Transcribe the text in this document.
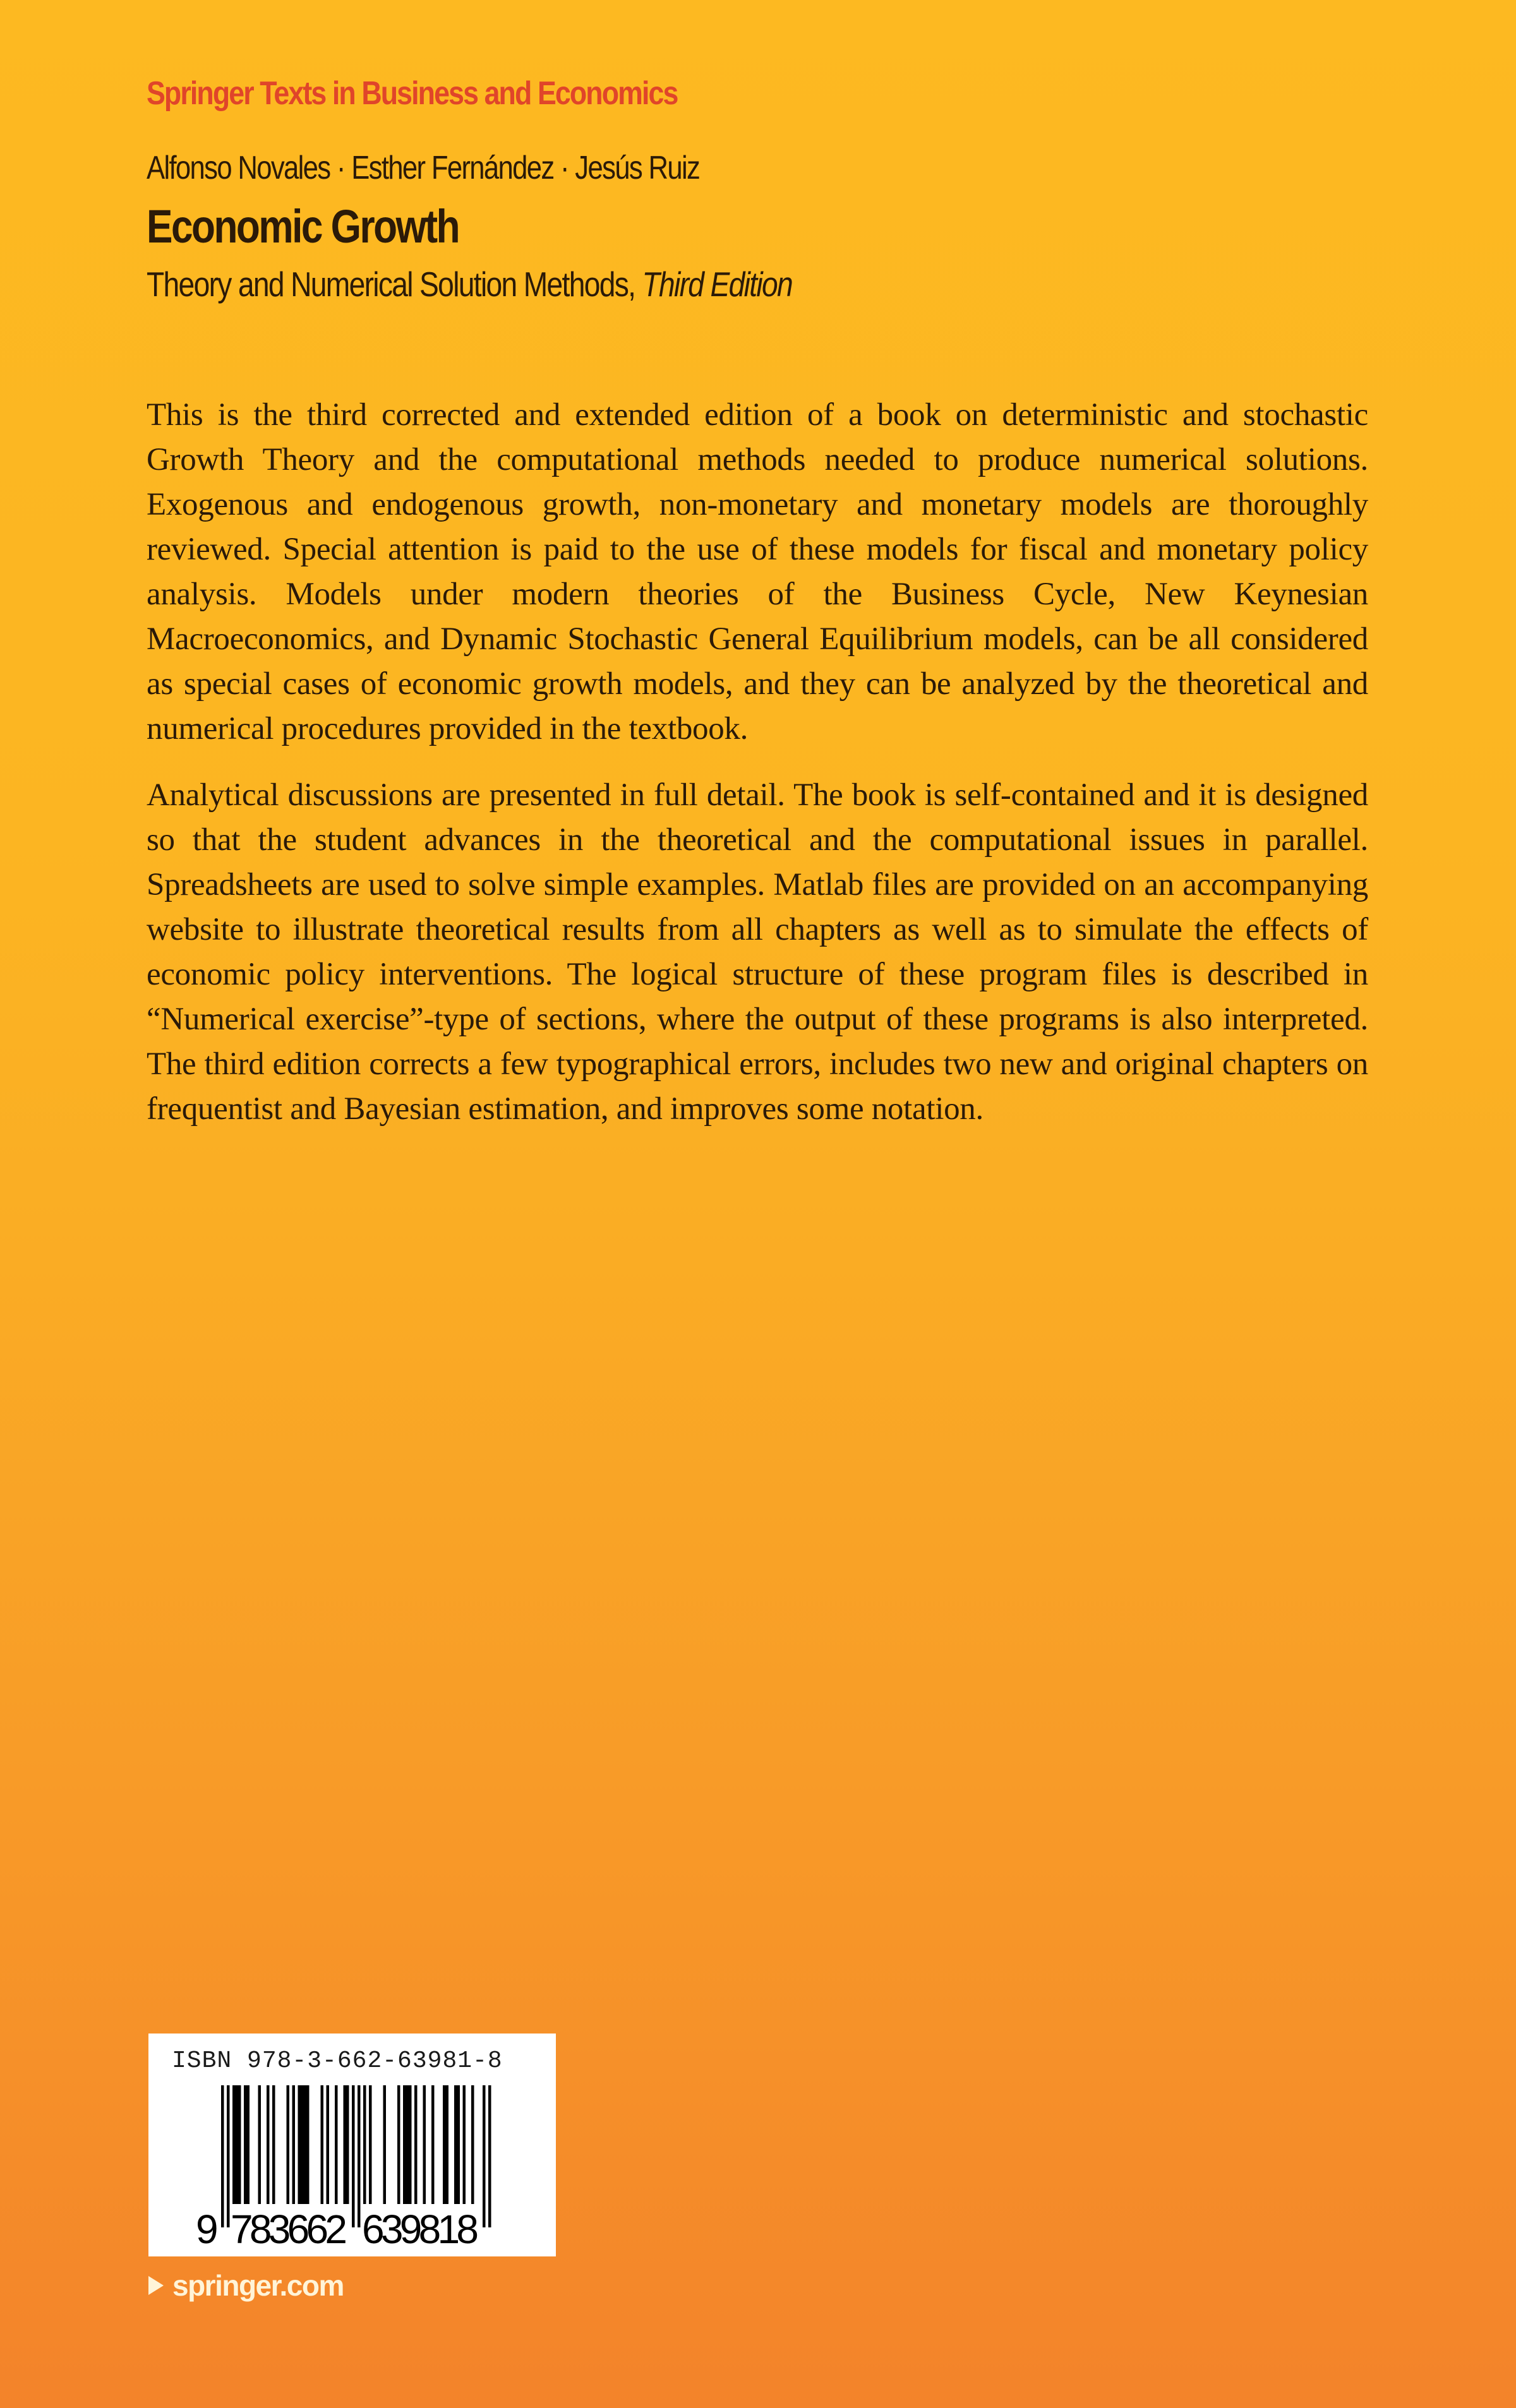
Springer Texts in Business and Economics
Alfonso Novales · Esther Fernández · Jesús Ruiz
Economic Growth
Theory and Numerical Solution Methods, Third Edition

This is the third corrected and extended edition of a book on deterministic and stochastic Growth Theory and the computational methods needed to produce numerical solutions. Exogenous and endogenous growth, non-monetary and monetary models are thoroughly reviewed. Special attention is paid to the use of these models for fiscal and monetary policy analysis. Models under modern theories of the Business Cycle, New Keynesian Macroeconomics, and Dynamic Stochastic General Equilibrium models, can be all considered as special cases of economic growth models, and they can be analyzed by the theoretical and numerical procedures provided in the textbook.

Analytical discussions are presented in full detail. The book is self-contained and it is designed so that the student advances in the theoretical and the computational issues in parallel. Spreadsheets are used to solve simple examples. Matlab files are provided on an accompanying website to illustrate theoretical results from all chapters as well as to simulate the effects of economic policy interventions. The logical structure of these program files is described in “Numerical exercise”-type of sections, where the output of these programs is also interpreted. The third edition corrects a few typographical errors, includes two new and original chapters on frequentist and Bayesian estimation, and improves some notation.

ISBN 978-3-662-63981-8
9 783662 639818
springer.com
